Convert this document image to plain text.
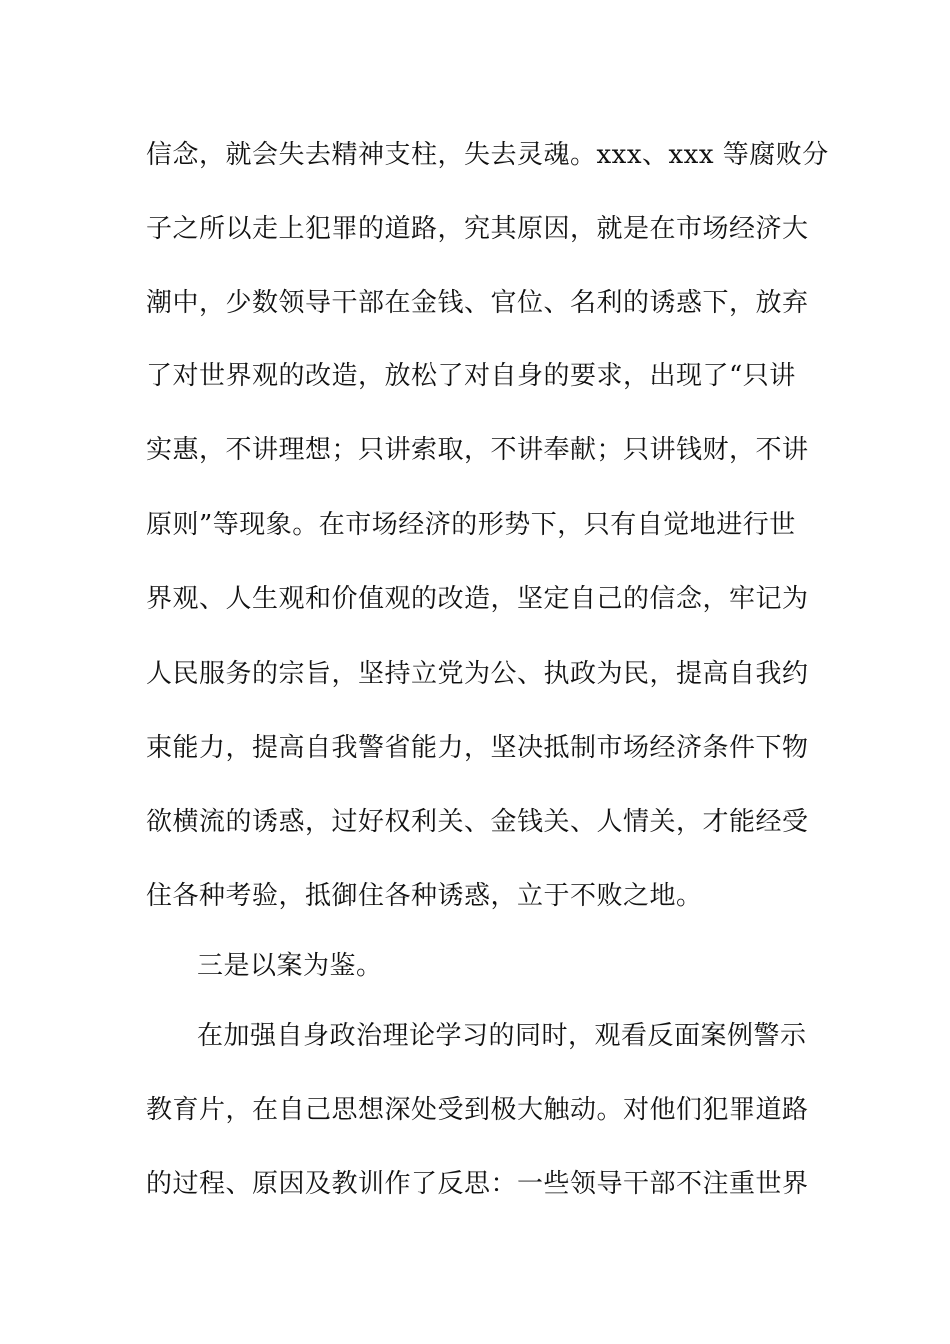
信念，就会失去精神支柱，失去灵魂。xxx、xxx 等腐败分
子之所以走上犯罪的道路，究其原因，就是在市场经济大
潮中，少数领导干部在金钱、官位、名利的诱惑下，放弃
了对世界观的改造，放松了对自身的要求，出现了“只讲
实惠，不讲理想；只讲索取，不讲奉献；只讲钱财，不讲
原则”等现象。在市场经济的形势下，只有自觉地进行世
界观、人生观和价值观的改造，坚定自己的信念，牢记为
人民服务的宗旨，坚持立党为公、执政为民，提高自我约
束能力，提高自我警省能力，坚决抵制市场经济条件下物
欲横流的诱惑，过好权利关、金钱关、人情关，才能经受
住各种考验，抵御住各种诱惑，立于不败之地。
三是以案为鉴。
在加强自身政治理论学习的同时，观看反面案例警示
教育片，在自己思想深处受到极大触动。对他们犯罪道路
的过程、原因及教训作了反思：一些领导干部不注重世界
